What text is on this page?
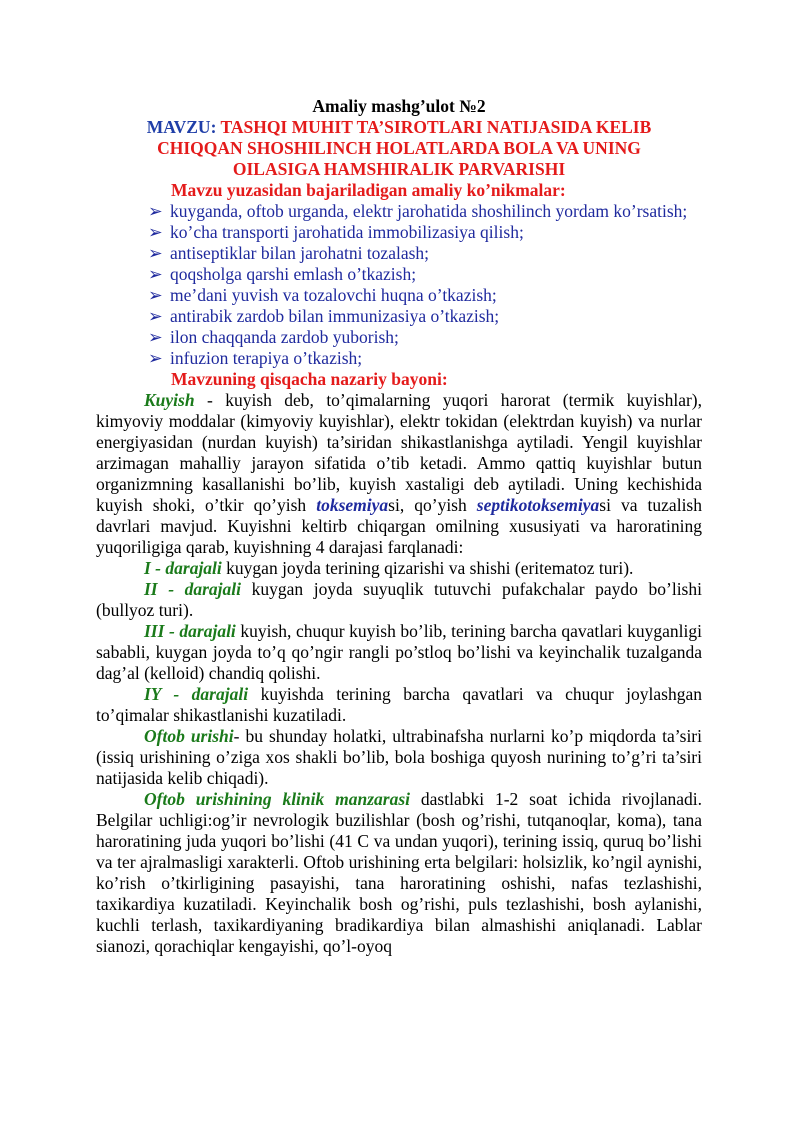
Amaliy mashg’ulot №2
MAVZU: TASHQI MUHIT TA’SIROTLARI NATIJASIDA KELIB
CHIQQAN SHOSHILINCH HOLATLARDA BOLA VA UNING
OILASIGA HAMSHIRALIK PARVARISHI
Mavzu yuzasidan bajariladigan amaliy ko’nikmalar:
➢ kuyganda, oftob urganda, elektr jarohatida shoshilinch yordam ko’rsatish;
➢ ko’cha transporti jarohatida immobilizasiya qilish;
➢ antiseptiklar bilan jarohatni tozalash;
➢ qoqsholga qarshi emlash o’tkazish;
➢ me’dani yuvish va tozalovchi huqna o’tkazish;
➢ antirabik zardob bilan immunizasiya o’tkazish;
➢ ilon chaqqanda zardob yuborish;
➢ infuzion terapiya o’tkazish;
Mavzuning qisqacha nazariy bayoni:

Kuyish - kuyish deb, to’qimalarning yuqori harorat (termik kuyishlar), kimyoviy moddalar (kimyoviy kuyishlar), elektr tokidan (elektrdan kuyish) va nurlar energiyasidan (nurdan kuyish) ta’siridan shikastlanishga aytiladi. Yengil kuyishlar arzimagan mahalliy jarayon sifatida o’tib ketadi. Ammo qattiq kuyishlar butun organizmning kasallanishi bo’lib, kuyish xastaligi deb aytiladi. Uning kechishida kuyish shoki, o’tkir qo’yish toksemiyasi, qo’yish septikotoksemiyasi va tuzalish davrlari mavjud. Kuyishni keltirb chiqargan omilning xususiyati va haroratining yuqoriligiga qarab, kuyishning 4 darajasi farqlanadi:

I - darajali kuygan joyda terining qizarishi va shishi (eritematoz turi).

II - darajali kuygan joyda suyuqlik tutuvchi pufakchalar paydo bo’lishi (bullyoz turi).

III - darajali kuyish, chuqur kuyish bo’lib, terining barcha qavatlari kuyganligi sababli, kuygan joyda to’q qo’ngir rangli po’stloq bo’lishi va keyinchalik tuzalganda dag’al (kelloid) chandiq qolishi.

IY - darajali kuyishda terining barcha qavatlari va chuqur joylashgan to’qimalar shikastlanishi kuzatiladi.

Oftob urishi- bu shunday holatki, ultrabinafsha nurlarni ko’p miqdorda ta’siri (issiq urishining o’ziga xos shakli bo’lib, bola boshiga quyosh nurining to’g’ri ta’siri natijasida kelib chiqadi).

Oftob urishining klinik manzarasi dastlabki 1-2 soat ichida rivojlanadi. Belgilar uchligi:og’ir nevrologik buzilishlar (bosh og’rishi, tutqanoqlar, koma), tana haroratining juda yuqori bo’lishi (41 C va undan yuqori), terining issiq, quruq bo’lishi va ter ajralmasligi xarakterli. Oftob urishining erta belgilari: holsizlik, ko’ngil aynishi, ko’rish o’tkirligining pasayishi, tana haroratining oshishi, nafas tezlashishi, taxikardiya kuzatiladi. Keyinchalik bosh og’rishi, puls tezlashishi, bosh aylanishi, kuchli terlash, taxikardiyaning bradikardiya bilan almashishi aniqlanadi. Lablar sianozi, qorachiqlar kengayishi, qo’l-oyoq
